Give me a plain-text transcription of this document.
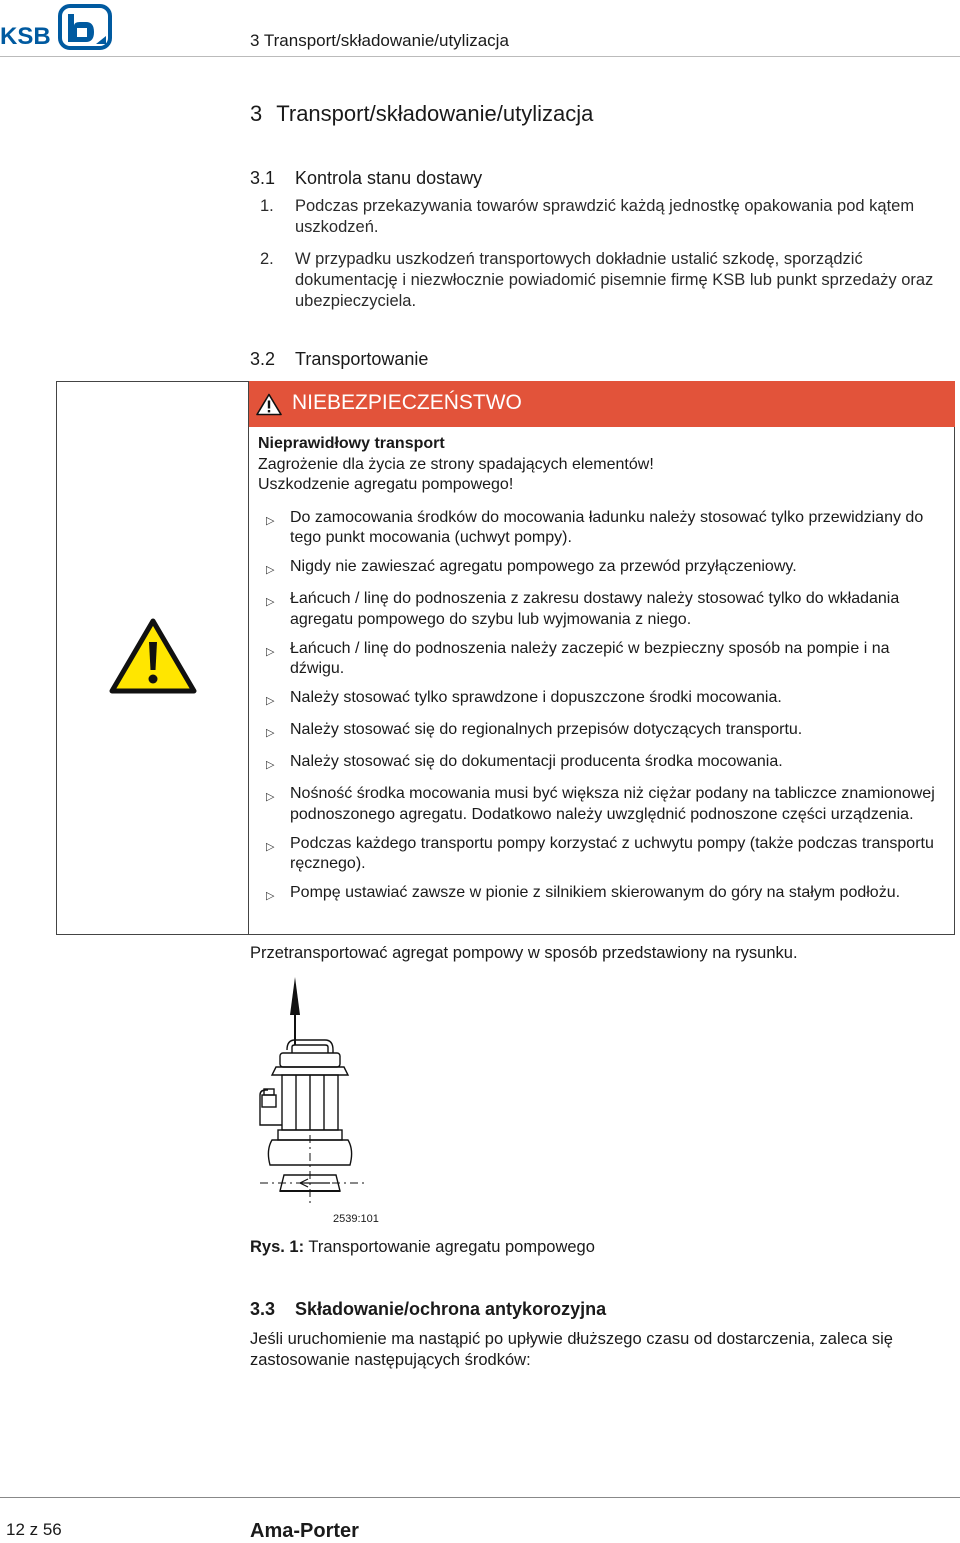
KSB	3 Transport/składowanie/utylizacja
3 Transport/składowanie/utylizacja
3.1 Kontrola stanu dostawy
1.	Podczas przekazywania towarów sprawdzić każdą jednostkę opakowania pod kątem uszkodzeń.
2.	W przypadku uszkodzeń transportowych dokładnie ustalić szkodę, sporządzić dokumentację i niezwłocznie powiadomić pisemnie firmę KSB lub punkt sprzedaży oraz ubezpieczyciela.
3.2 Transportowanie
NIEBEZPIECZEŃSTWO
Nieprawidłowy transport
Zagrożenie dla życia ze strony spadających elementów!
Uszkodzenie agregatu pompowego!
▷ Do zamocowania środków do mocowania ładunku należy stosować tylko przewidziany do tego punkt mocowania (uchwyt pompy).
▷ Nigdy nie zawieszać agregatu pompowego za przewód przyłączeniowy.
▷ Łańcuch / linę do podnoszenia z zakresu dostawy należy stosować tylko do wkładania agregatu pompowego do szybu lub wyjmowania z niego.
▷ Łańcuch / linę do podnoszenia należy zaczepić w bezpieczny sposób na pompie i na dźwigu.
▷ Należy stosować tylko sprawdzone i dopuszczone środki mocowania.
▷ Należy stosować się do regionalnych przepisów dotyczących transportu.
▷ Należy stosować się do dokumentacji producenta środka mocowania.
▷ Nośność środka mocowania musi być większa niż ciężar podany na tabliczce znamionowej podnoszonego agregatu. Dodatkowo należy uwzględnić podnoszone części urządzenia.
▷ Podczas każdego transportu pompy korzystać z uchwytu pompy (także podczas transportu ręcznego).
▷ Pompę ustawiać zawsze w pionie z silnikiem skierowanym do góry na stałym podłożu.
Przetransportować agregat pompowy w sposób przedstawiony na rysunku.
2539:101
Rys. 1: Transportowanie agregatu pompowego
3.3 Składowanie/ochrona antykorozyjna
Jeśli uruchomienie ma nastąpić po upływie dłuższego czasu od dostarczenia, zaleca się zastosowanie następujących środków:
12 z 56	Ama-Porter
